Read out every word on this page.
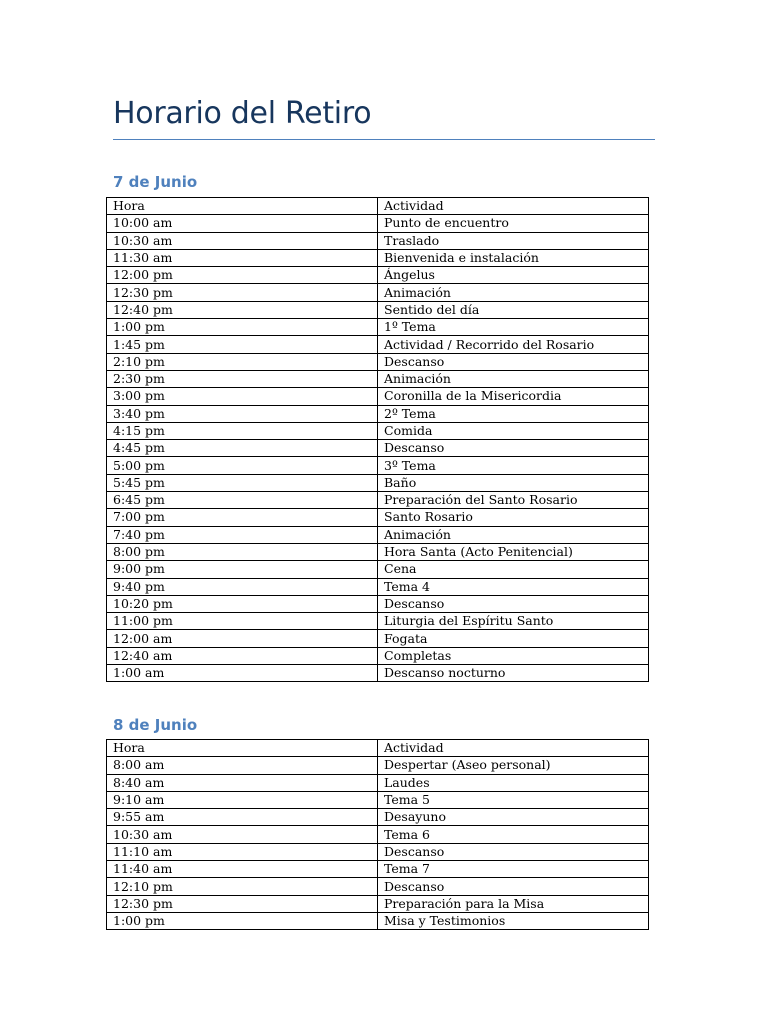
Horario del Retiro
7 de Junio
Hora	Actividad
10:00 am	Punto de encuentro
10:30 am	Traslado
11:30 am	Bienvenida e instalación
12:00 pm	Ángelus
12:30 pm	Animación
12:40 pm	Sentido del día
1:00 pm	1º Tema
1:45 pm	Actividad / Recorrido del Rosario
2:10 pm	Descanso
2:30 pm	Animación
3:00 pm	Coronilla de la Misericordia
3:40 pm	2º Tema
4:15 pm	Comida
4:45 pm	Descanso
5:00 pm	3º Tema
5:45 pm	Baño
6:45 pm	Preparación del Santo Rosario
7:00 pm	Santo Rosario
7:40 pm	Animación
8:00 pm	Hora Santa (Acto Penitencial)
9:00 pm	Cena
9:40 pm	Tema 4
10:20 pm	Descanso
11:00 pm	Liturgia del Espíritu Santo
12:00 am	Fogata
12:40 am	Completas
1:00 am	Descanso nocturno
8 de Junio
Hora	Actividad
8:00 am	Despertar (Aseo personal)
8:40 am	Laudes
9:10 am	Tema 5
9:55 am	Desayuno
10:30 am	Tema 6
11:10 am	Descanso
11:40 am	Tema 7
12:10 pm	Descanso
12:30 pm	Preparación para la Misa
1:00 pm	Misa y Testimonios
